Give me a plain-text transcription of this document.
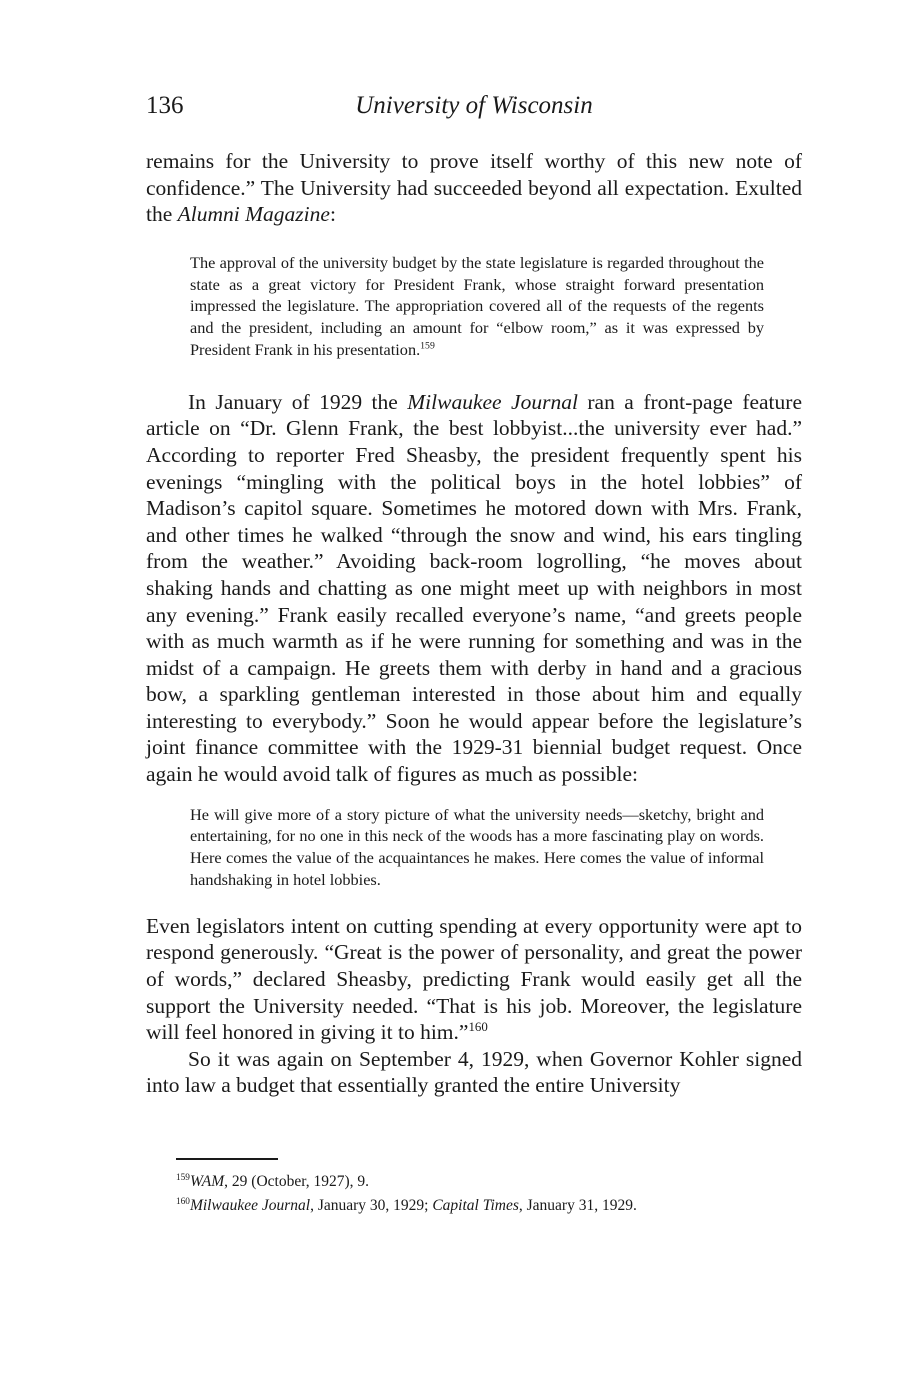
136	University of Wisconsin

remains for the University to prove itself worthy of this new note of confidence.” The University had succeeded beyond all expectation. Exulted the Alumni Magazine:

The approval of the university budget by the state legislature is regarded throughout the state as a great victory for President Frank, whose straight forward presentation impressed the legislature. The appropriation covered all of the requests of the regents and the president, including an amount for “elbow room,” as it was expressed by President Frank in his presentation.$^{159}$

In January of 1929 the Milwaukee Journal ran a front-page feature article on “Dr. Glenn Frank, the best lobbyist...the university ever had.” According to reporter Fred Sheasby, the president frequently spent his evenings “mingling with the political boys in the hotel lobbies” of Madison’s capitol square. Sometimes he motored down with Mrs. Frank, and other times he walked “through the snow and wind, his ears tingling from the weather.” Avoiding back-room logrolling, “he moves about shaking hands and chatting as one might meet up with neighbors in most any evening.” Frank easily recalled everyone’s name, “and greets people with as much warmth as if he were running for something and was in the midst of a campaign. He greets them with derby in hand and a gracious bow, a sparkling gentleman interested in those about him and equally interesting to everybody.” Soon he would appear before the legislature’s joint finance committee with the 1929-31 biennial budget request. Once again he would avoid talk of figures as much as possible:

He will give more of a story picture of what the university needs—sketchy, bright and entertaining, for no one in this neck of the woods has a more fascinating play on words. Here comes the value of the acquaintances he makes. Here comes the value of informal handshaking in hotel lobbies.

Even legislators intent on cutting spending at every opportunity were apt to respond generously. “Great is the power of personality, and great the power of words,” declared Sheasby, predicting Frank would easily get all the support the University needed. “That is his job. Moreover, the legislature will feel honored in giving it to him.”$^{160}$

So it was again on September 4, 1929, when Governor Kohler signed into law a budget that essentially granted the entire University

$^{159}$WAM, 29 (October, 1927), 9.

$^{160}$Milwaukee Journal, January 30, 1929; Capital Times, January 31, 1929.
